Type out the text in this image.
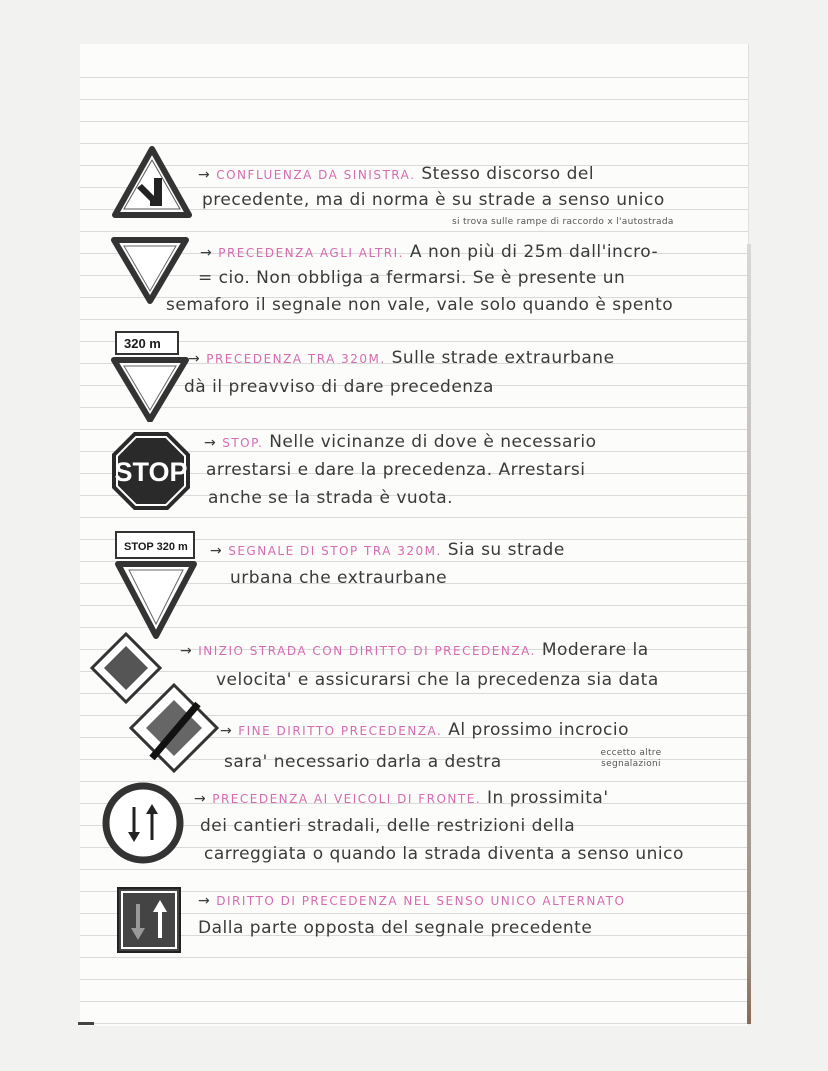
→ CONFLUENZA DA SINISTRA. Stesso discorso del
precedente, ma di norma è su strade a senso unico
si trova sulle rampe di raccordo x l'autostrada
→ PRECEDENZA AGLI ALTRI. A non più di 25m dall'incro-
= cio. Non obbliga a fermarsi. Se è presente un
semaforo il segnale non vale, vale solo quando è spento
320 m
→ PRECEDENZA TRA 320M. Sulle strade extraurbane
dà il preavviso di dare precedenza
STOP
→ STOP. Nelle vicinanze di dove è necessario
arrestarsi e dare la precedenza. Arrestarsi
anche se la strada è vuota.
STOP 320 m → SEGNALE DI STOP TRA 320M. Sia su strade
urbana che extraurbane
→ INIZIO STRADA CON DIRITTO DI PRECEDENZA. Moderare la
velocita' e assicurarsi che la precedenza sia data
→ FINE DIRITTO PRECEDENZA. Al prossimo incrocio
sara' necessario darla a destra	eccetto altre segnalazioni
→ PRECEDENZA AI VEICOLI DI FRONTE. In prossimita'
dei cantieri stradali, delle restrizioni della
carreggiata o quando la strada diventa a senso unico
→ DIRITTO DI PRECEDENZA NEL SENSO UNICO ALTERNATO
Dalla parte opposta del segnale precedente
